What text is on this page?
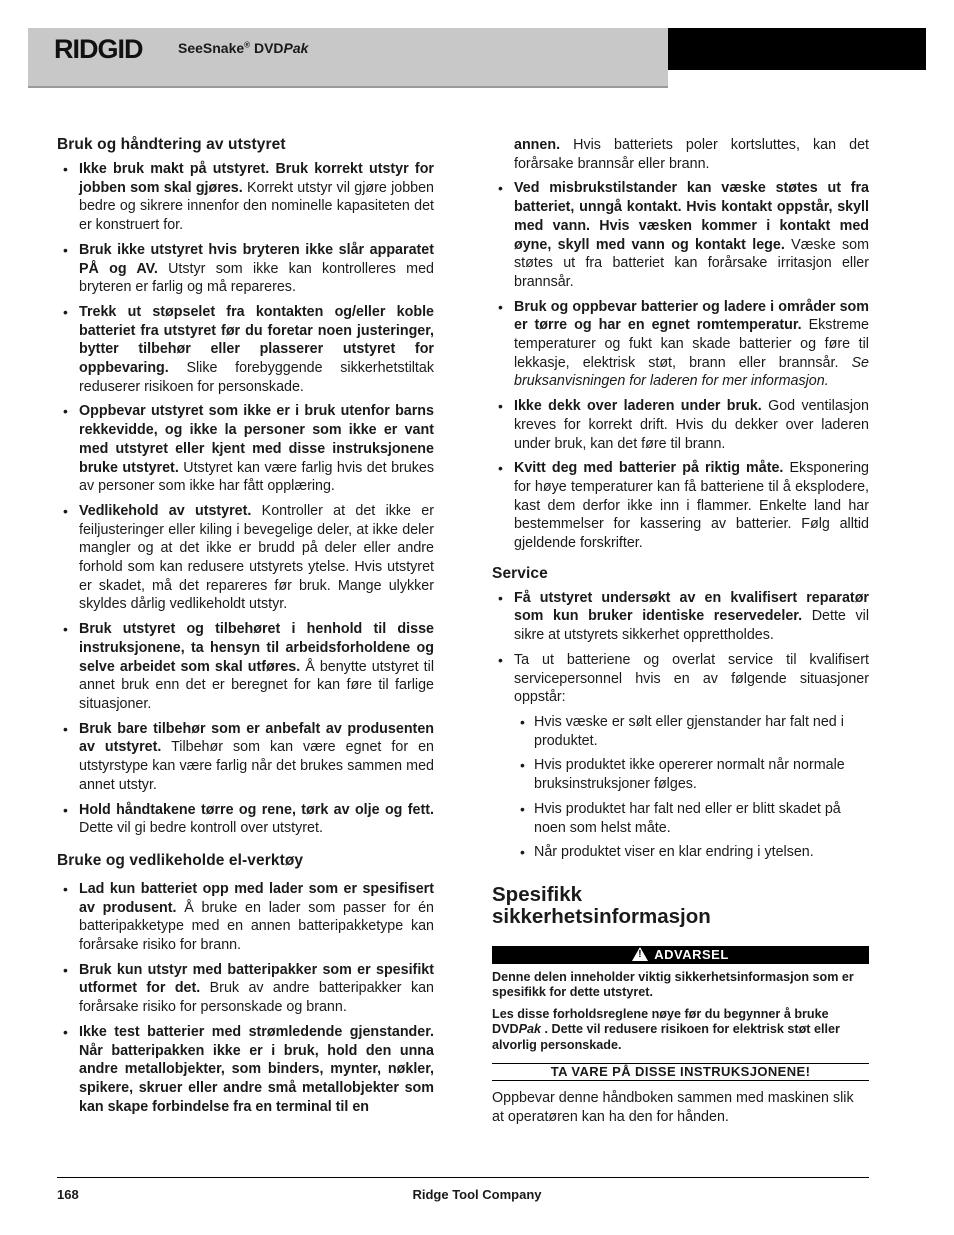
RIDGID	SeeSnake® DVDPak
Bruk og håndtering av utstyret
• Ikke bruk makt på utstyret. Bruk korrekt utstyr for jobben som skal gjøres. Korrekt utstyr vil gjøre jobben bedre og sikrere innenfor den nominelle kapasiteten det er konstruert for.
• Bruk ikke utstyret hvis bryteren ikke slår apparatet PÅ og AV. Utstyr som ikke kan kontrolleres med bryteren er farlig og må repareres.
• Trekk ut støpselet fra kontakten og/eller koble batteriet fra utstyret før du foretar noen justeringer, bytter tilbehør eller plasserer utstyret for oppbevaring. Slike forebyggende sikkerhetstiltak reduserer risikoen for personskade.
• Oppbevar utstyret som ikke er i bruk utenfor barns rekkevidde, og ikke la personer som ikke er vant med utstyret eller kjent med disse instruksjonene bruke utstyret. Utstyret kan være farlig hvis det brukes av personer som ikke har fått opplæring.
• Vedlikehold av utstyret. Kontroller at det ikke er feiljusteringer eller kiling i bevegelige deler, at ikke deler mangler og at det ikke er brudd på deler eller andre forhold som kan redusere utstyrets ytelse. Hvis utstyret er skadet, må det repareres før bruk. Mange ulykker skyldes dårlig vedlikeholdt utstyr.
• Bruk utstyret og tilbehøret i henhold til disse instruksjonene, ta hensyn til arbeidsforholdene og selve arbeidet som skal utføres. Å benytte utstyret til annet bruk enn det er beregnet for kan føre til farlige situasjoner.
• Bruk bare tilbehør som er anbefalt av produsenten av utstyret. Tilbehør som kan være egnet for en utstyrstype kan være farlig når det brukes sammen med annet utstyr.
• Hold håndtakene tørre og rene, tørk av olje og fett. Dette vil gi bedre kontroll over utstyret.
Bruke og vedlikeholde el-verktøy
• Lad kun batteriet opp med lader som er spesifisert av produsent. Å bruke en lader som passer for én batteripakketype med en annen batteripakketype kan forårsake risiko for brann.
• Bruk kun utstyr med batteripakker som er spesifikt utformet for det. Bruk av andre batteripakker kan forårsake risiko for personskade og brann.
• Ikke test batterier med strømledende gjenstander. Når batteripakken ikke er i bruk, hold den unna andre metallobjekter, som binders, mynter, nøkler, spikere, skruer eller andre små metallobjekter som kan skape forbindelse fra en terminal til en

annen. Hvis batteriets poler kortsluttes, kan det forårsake brannsår eller brann.

• Ved misbrukstilstander kan væske støtes ut fra batteriet, unngå kontakt. Hvis kontakt oppstår, skyll med vann. Hvis væsken kommer i kontakt med øyne, skyll med vann og kontakt lege. Væske som støtes ut fra batteriet kan forårsake irritasjon eller brannsår.
• Bruk og oppbevar batterier og ladere i områder som er tørre og har en egnet romtemperatur. Ekstreme temperaturer og fukt kan skade batterier og føre til lekkasje, elektrisk støt, brann eller brannsår. Se bruksanvisningen for laderen for mer informasjon.
• Ikke dekk over laderen under bruk. God ventilasjon kreves for korrekt drift. Hvis du dekker over laderen under bruk, kan det føre til brann.
• Kvitt deg med batterier på riktig måte. Eksponering for høye temperaturer kan få batteriene til å eksplodere, kast dem derfor ikke inn i flammer. Enkelte land har bestemmelser for kassering av batterier. Følg alltid gjeldende forskrifter.
Service
• Få utstyret undersøkt av en kvalifisert reparatør som kun bruker identiske reservedeler. Dette vil sikre at utstyrets sikkerhet opprettholdes.
• Ta ut batteriene og overlat service til kvalifisert servicepersonnel hvis en av følgende situasjoner oppstår:
• Hvis væske er sølt eller gjenstander har falt ned i produktet.
• Hvis produktet ikke opererer normalt når normale bruksinstruksjoner følges.
• Hvis produktet har falt ned eller er blitt skadet på noen som helst måte.
• Når produktet viser en klar endring i ytelsen.
Spesifikk
sikkerhetsinformasjon
! ADVARSEL

Denne delen inneholder viktig sikkerhetsinformasjon som er spesifikk for dette utstyret.

Les disse forholdsreglene nøye før du begynner å bruke DVDPak . Dette vil redusere risikoen for elektrisk støt eller alvorlig personskade.

TA VARE PÅ DISSE INSTRUKSJONENE!

Oppbevar denne håndboken sammen med maskinen slik at operatøren kan ha den for hånden.

168	Ridge Tool Company
